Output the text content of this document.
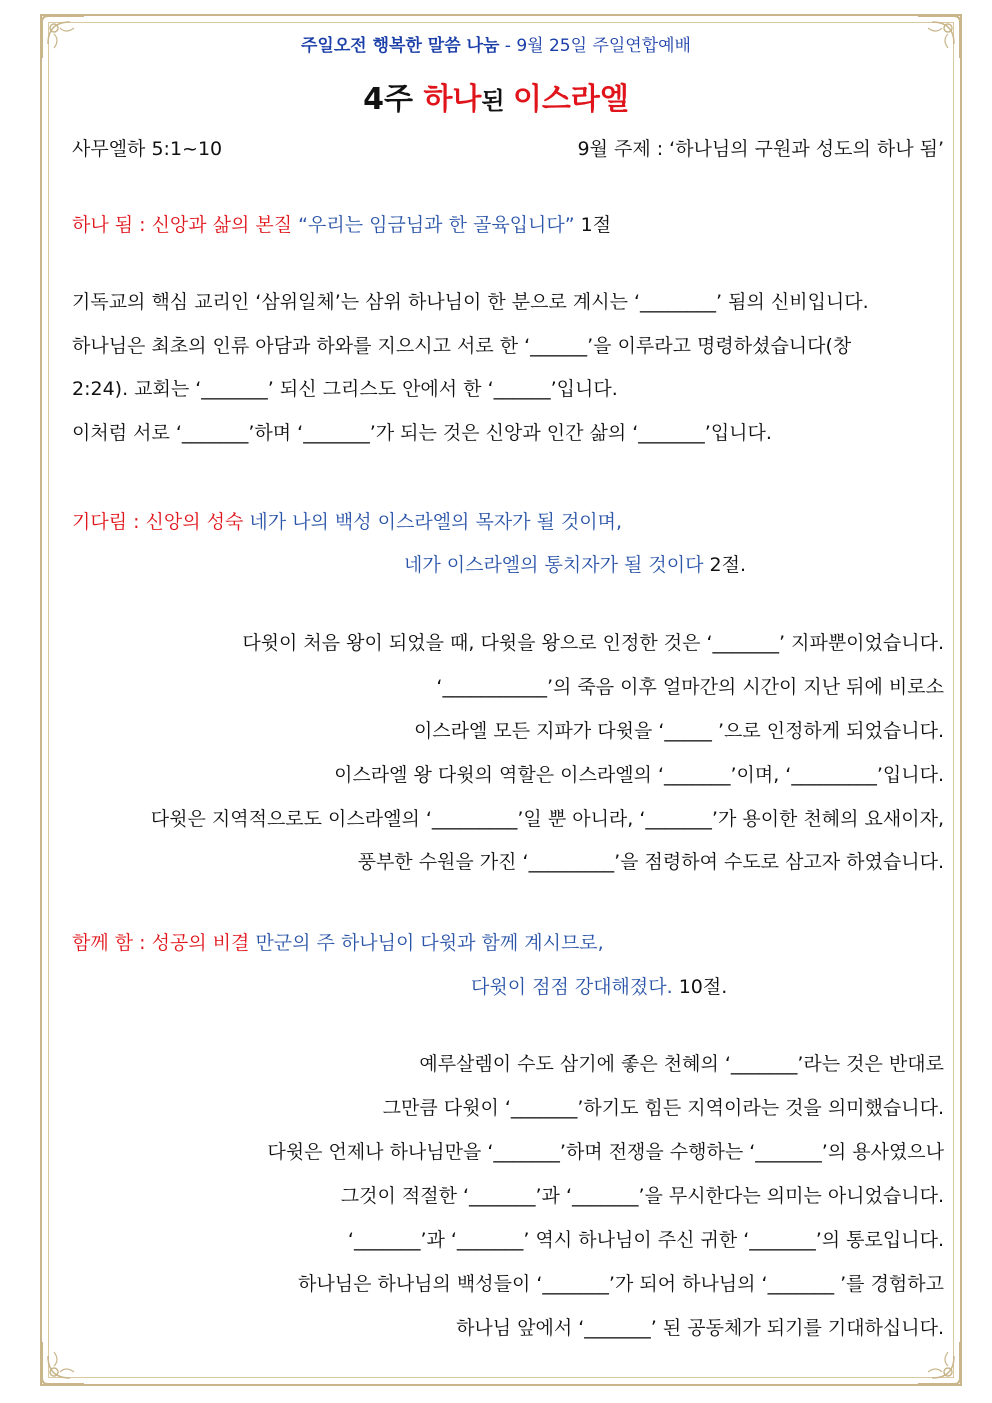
주일오전 행복한 말씀 나눔 - 9월 25일 주일연합예배
4주 하나된 이스라엘
사무엘하 5:1~10	9월 주제 : ‘하나님의 구원과 성도의 하나 됨’
하나 됨 : 신앙과 삶의 본질 “우리는 임금님과 한 골육입니다” 1절
기독교의 핵심 교리인 ‘삼위일체’는 삼위 하나님이 한 분으로 계시는 ‘________’ 됨의 신비입니다.
하나님은 최초의 인류 아담과 하와를 지으시고 서로 한 ‘______’을 이루라고 명령하셨습니다(창
2:24). 교회는 ‘_______’ 되신 그리스도 안에서 한 ‘______’입니다.
이처럼 서로 ‘_______’하며 ‘_______’가 되는 것은 신앙과 인간 삶의 ‘_______’입니다.
기다림 : 신앙의 성숙 네가 나의 백성 이스라엘의 목자가 될 것이며,
네가 이스라엘의 통치자가 될 것이다 2절.
다윗이 처음 왕이 되었을 때, 다윗을 왕으로 인정한 것은 ‘_______’ 지파뿐이었습니다.
‘___________’의 죽음 이후 얼마간의 시간이 지난 뒤에 비로소
이스라엘 모든 지파가 다윗을 ‘_____ ’으로 인정하게 되었습니다.
이스라엘 왕 다윗의 역할은 이스라엘의 ‘_______’이며, ‘_________’입니다.
다윗은 지역적으로도 이스라엘의 ‘_________’일 뿐 아니라, ‘_______’가 용이한 천혜의 요새이자,
풍부한 수원을 가진 ‘_________’을 점령하여 수도로 삼고자 하였습니다.
함께 함 : 성공의 비결 만군의 주 하나님이 다윗과 함께 계시므로,
다윗이 점점 강대해졌다. 10절.
예루살렘이 수도 삼기에 좋은 천혜의 ‘_______’라는 것은 반대로
그만큼 다윗이 ‘_______’하기도 힘든 지역이라는 것을 의미했습니다.
다윗은 언제나 하나님만을 ‘_______’하며 전쟁을 수행하는 ‘_______’의 용사였으나
그것이 적절한 ‘_______’과 ‘_______’을 무시한다는 의미는 아니었습니다.
‘_______’과 ‘_______’ 역시 하나님이 주신 귀한 ‘_______’의 통로입니다.
하나님은 하나님의 백성들이 ‘_______’가 되어 하나님의 ‘_______ ’를 경험하고
하나님 앞에서 ‘_______’ 된 공동체가 되기를 기대하십니다.
